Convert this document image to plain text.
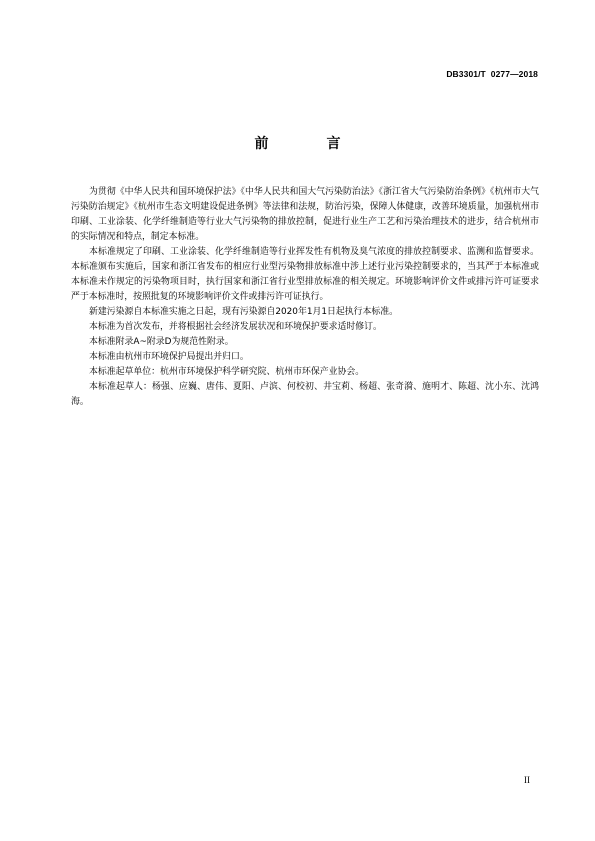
DB3301/T  0277—2018
前　言

为贯彻《中华人民共和国环境保护法》《中华人民共和国大气污染防治法》《浙江省大气污染防治条例》《杭州市大气污染防治规定》《杭州市生态文明建设促进条例》等法律和法规，防治污染，保障人体健康，改善环境质量，加强杭州市印刷、工业涂装、化学纤维制造等行业大气污染物的排放控制，促进行业生产工艺和污染治理技术的进步，结合杭州市的实际情况和特点，制定本标准。

本标准规定了印刷、工业涂装、化学纤维制造等行业挥发性有机物及臭气浓度的排放控制要求、监测和监督要求。本标准颁布实施后，国家和浙江省发布的相应行业型污染物排放标准中涉上述行业污染控制要求的，当其严于本标准或本标准未作规定的污染物项目时，执行国家和浙江省行业型排放标准的相关规定。环境影响评价文件或排污许可证要求严于本标准时，按照批复的环境影响评价文件或排污许可证执行。

新建污染源自本标准实施之日起，现有污染源自2020年1月1日起执行本标准。

本标准为首次发布，并将根据社会经济发展状况和环境保护要求适时修订。

本标准附录A~附录D为规范性附录。

本标准由杭州市环境保护局提出并归口。

本标准起草单位：杭州市环境保护科学研究院、杭州市环保产业协会。

本标准起草人：杨强、应巍、唐伟、夏阳、卢滨、何校初、井宝莉、杨超、张奇漪、施明才、陈超、沈小东、沈鸿海。

II
